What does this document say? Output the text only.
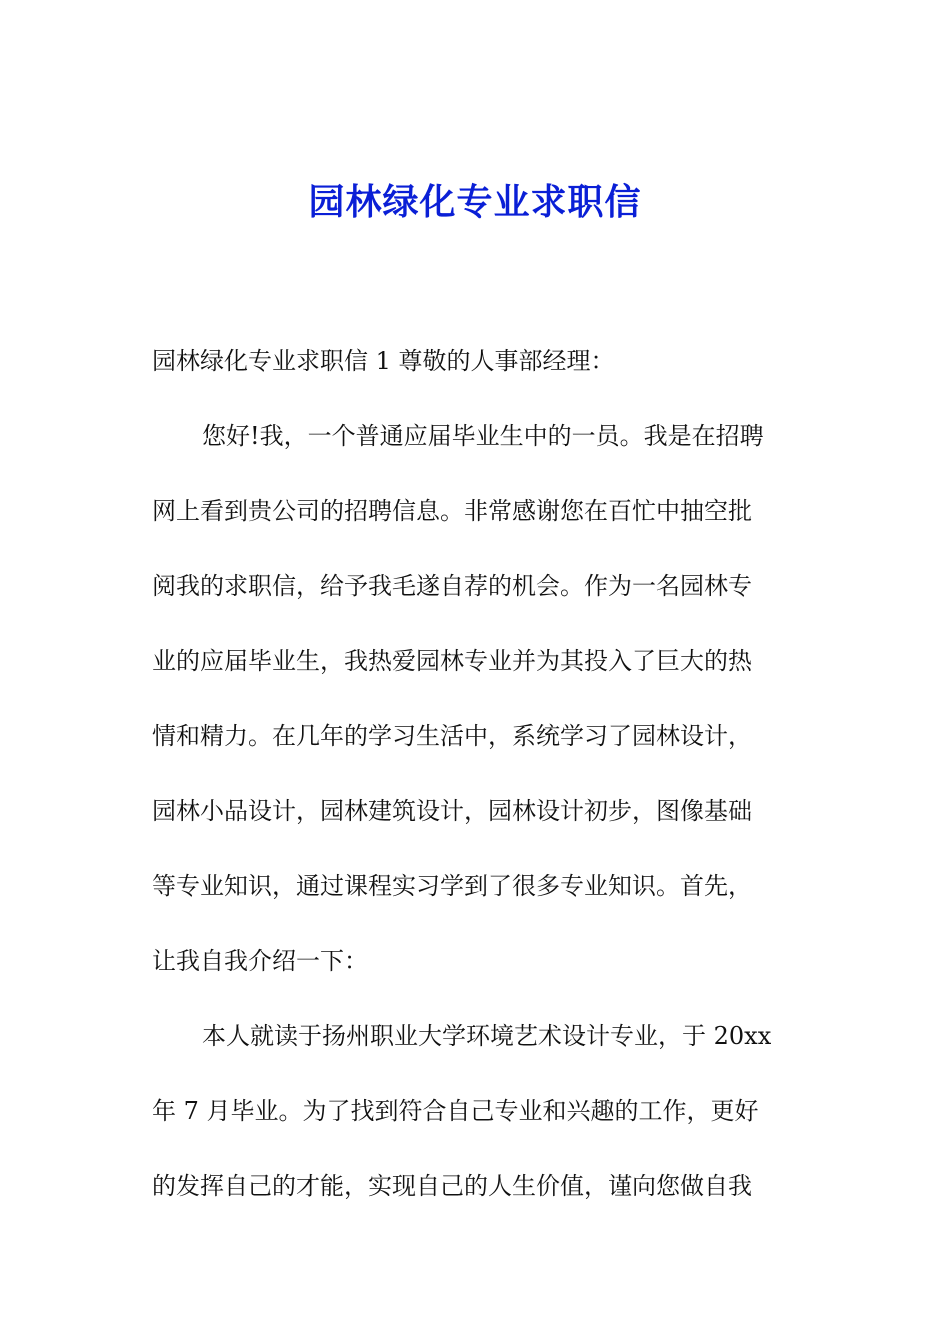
园林绿化专业求职信
园林绿化专业求职信 1 尊敬的人事部经理：
您好!我，一个普通应届毕业生中的一员。我是在招聘
网上看到贵公司的招聘信息。非常感谢您在百忙中抽空批
阅我的求职信，给予我毛遂自荐的机会。作为一名园林专
业的应届毕业生，我热爱园林专业并为其投入了巨大的热
情和精力。在几年的学习生活中，系统学习了园林设计，
园林小品设计，园林建筑设计，园林设计初步，图像基础
等专业知识，通过课程实习学到了很多专业知识。首先，
让我自我介绍一下：
本人就读于扬州职业大学环境艺术设计专业，于 20xx
年 7 月毕业。为了找到符合自己专业和兴趣的工作，更好
的发挥自己的才能，实现自己的人生价值，谨向您做自我
